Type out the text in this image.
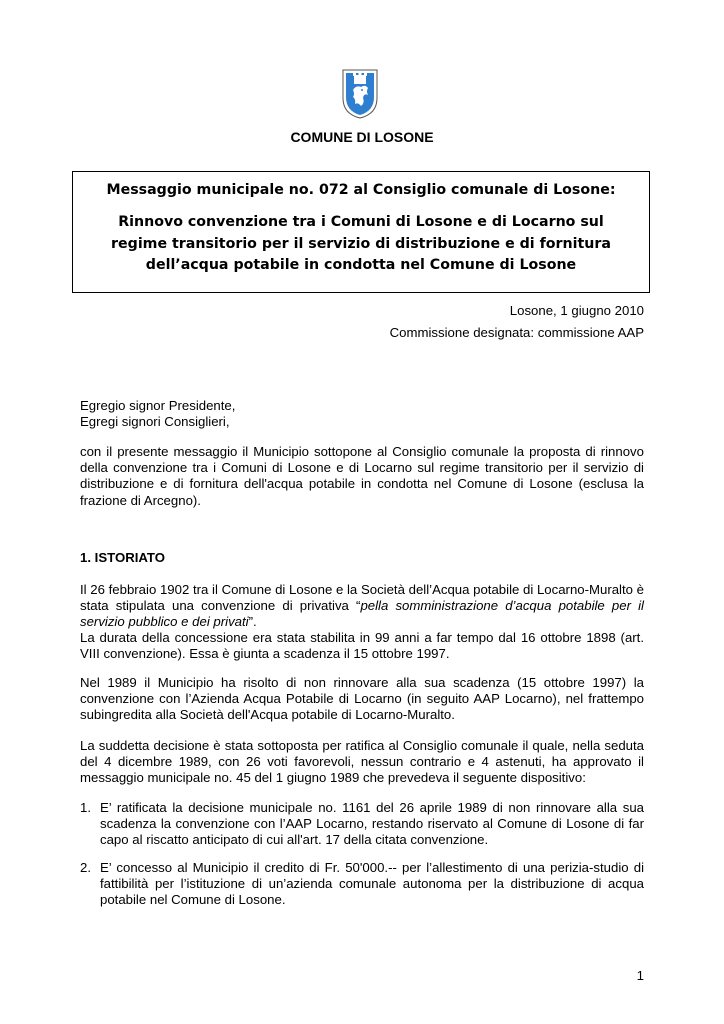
COMUNE DI LOSONE
Messaggio municipale no. 072 al Consiglio comunale di Losone:
Rinnovo convenzione tra i Comuni di Losone e di Locarno sul regime transitorio per il servizio di distribuzione e di fornitura dell’acqua potabile in condotta nel Comune di Losone
Losone, 1 giugno 2010
Commissione designata: commissione AAP
Egregio signor Presidente,
Egregi signori Consiglieri,
con il presente messaggio il Municipio sottopone al Consiglio comunale la proposta di rinnovo della convenzione tra i Comuni di Losone e di Locarno sul regime transitorio per il servizio di distribuzione e di fornitura dell'acqua potabile in condotta nel Comune di Losone (esclusa la frazione di Arcegno).
1. ISTORIATO
Il 26 febbraio 1902 tra il Comune di Losone e la Società dell’Acqua potabile di Locarno-Muralto è stata stipulata una convenzione di privativa “pella somministrazione d’acqua potabile per il servizio pubblico e dei privati”.
La durata della concessione era stata stabilita in 99 anni a far tempo dal 16 ottobre 1898 (art. VIII convenzione). Essa è giunta a scadenza il 15 ottobre 1997.
Nel 1989 il Municipio ha risolto di non rinnovare alla sua scadenza (15 ottobre 1997) la convenzione con l’Azienda Acqua Potabile di Locarno (in seguito AAP Locarno), nel frattempo subingredita alla Società dell'Acqua potabile di Locarno-Muralto.
La suddetta decisione è stata sottoposta per ratifica al Consiglio comunale il quale, nella seduta del 4 dicembre 1989, con 26 voti favorevoli, nessun contrario e 4 astenuti, ha approvato il messaggio municipale no. 45 del 1 giugno 1989 che prevedeva il seguente dispositivo:
1. E’ ratificata la decisione municipale no. 1161 del 26 aprile 1989 di non rinnovare alla sua scadenza la convenzione con l’AAP Locarno, restando riservato al Comune di Losone di far capo al riscatto anticipato di cui all'art. 17 della citata convenzione.
2. E’ concesso al Municipio il credito di Fr. 50'000.-- per l’allestimento di una perizia-studio di fattibilità per l’istituzione di un’azienda comunale autonoma per la distribuzione di acqua potabile nel Comune di Losone.
1
